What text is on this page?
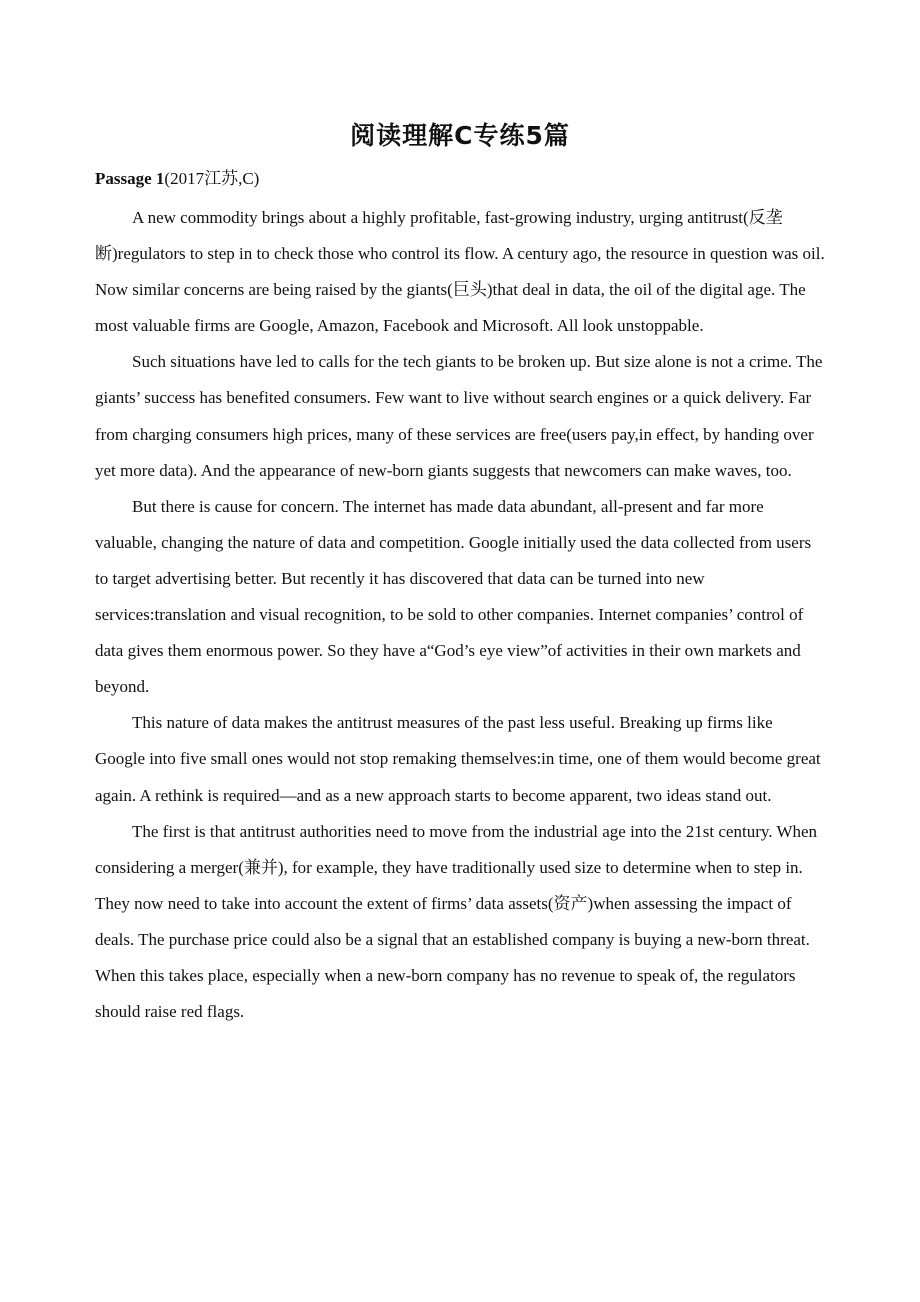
阅读理解C专练5篇

Passage 1(2017江苏,C)

A new commodity brings about a highly profitable, fast-growing industry, urging antitrust(反垄断)regulators to step in to check those who control its flow. A century ago, the resource in question was oil. Now similar concerns are being raised by the giants(巨头)that deal in data, the oil of the digital age. The most valuable firms are Google, Amazon, Facebook and Microsoft. All look unstoppable.

Such situations have led to calls for the tech giants to be broken up. But size alone is not a crime. The giants’ success has benefited consumers. Few want to live without search engines or a quick delivery. Far from charging consumers high prices, many of these services are free(users pay,in effect, by handing over yet more data). And the appearance of new-born giants suggests that newcomers can make waves, too.

But there is cause for concern. The internet has made data abundant, all-present and far more valuable, changing the nature of data and competition. Google initially used the data collected from users to target advertising better. But recently it has discovered that data can be turned into new services:translation and visual recognition, to be sold to other companies. Internet companies’ control of data gives them enormous power. So they have a“God’s eye view”of activities in their own markets and beyond.

This nature of data makes the antitrust measures of the past less useful. Breaking up firms like Google into five small ones would not stop remaking themselves:in time, one of them would become great again. A rethink is required—and as a new approach starts to become apparent, two ideas stand out.

The first is that antitrust authorities need to move from the industrial age into the 21st century. When considering a merger(兼并), for example, they have traditionally used size to determine when to step in. They now need to take into account the extent of firms’ data assets(资产)when assessing the impact of deals. The purchase price could also be a signal that an established company is buying a new-born threat. When this takes place, especially when a new-born company has no revenue to speak of, the regulators should raise red flags.
